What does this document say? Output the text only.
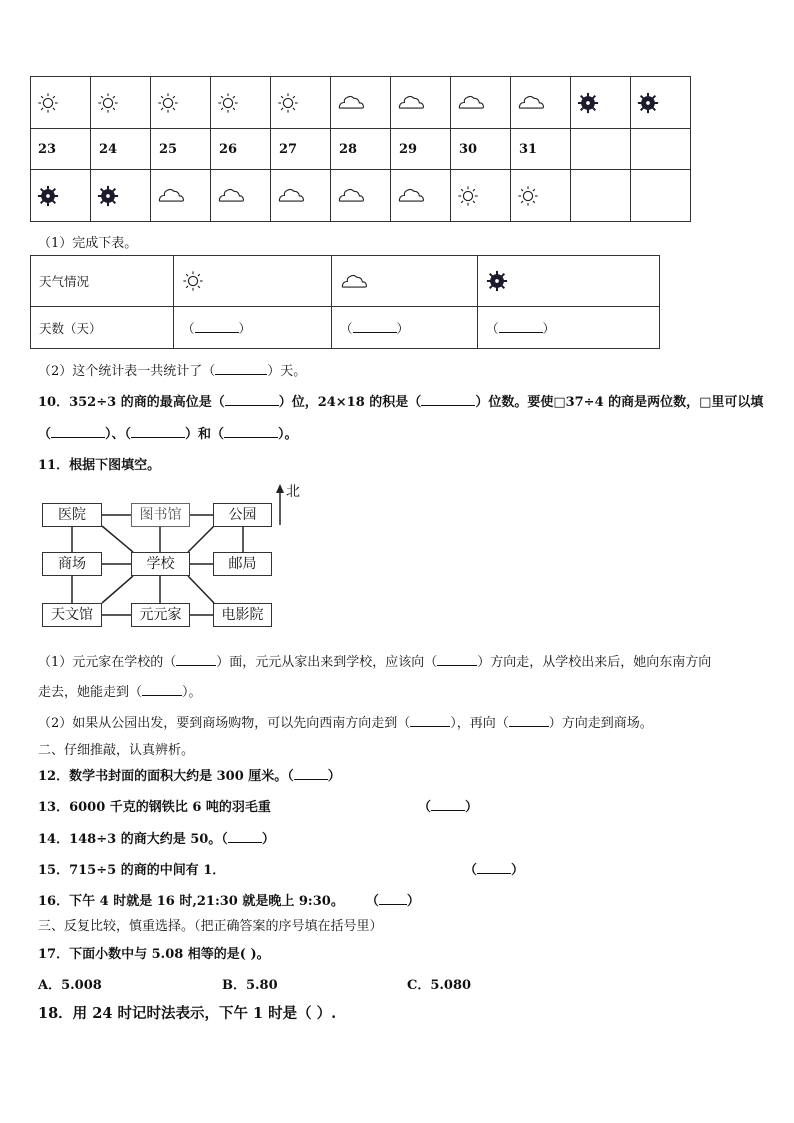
23	24	25	26	27	28	29	30	31		

（1）完成下表。
天气情况			
天数（天）	（ ）	（ ）	（ ）
（2）这个统计表一共统计了（	）天。
10．352÷3 的商的最高位是（	）位，24×18 的积是（	）位数。要使□37÷4 的商是两位数，□里可以填
（	）、（	）和（	）。
11．根据下图填空。
北
医院	图书馆	公园
商场	学校	邮局
天文馆	元元家	电影院
（1）元元家在学校的（	）面，元元从家出来到学校，应该向（	）方向走，从学校出来后，她向东南方向
走去，她能走到（	）。
（2）如果从公园出发，要到商场购物，可以先向西南方向走到（	），再向（	）方向走到商场。
二、仔细推敲，认真辨析。
12．数学书封面的面积大约是 300 厘米。（	）
13．6000 千克的钢铁比 6 吨的羽毛重	（	）
14．148÷3 的商大约是 50。（	）
15．715÷5 的商的中间有 1．	（	）
16．下午 4 时就是 16 时,21:30 就是晚上 9:30。 （ ）
三、反复比较，慎重选择。（把正确答案的序号填在括号里）
17．下面小数中与 5.08 相等的是( )。
A．5.008	B．5.80	C．5.080
18．用 24 时记时法表示，下午 1 时是（ ）.
